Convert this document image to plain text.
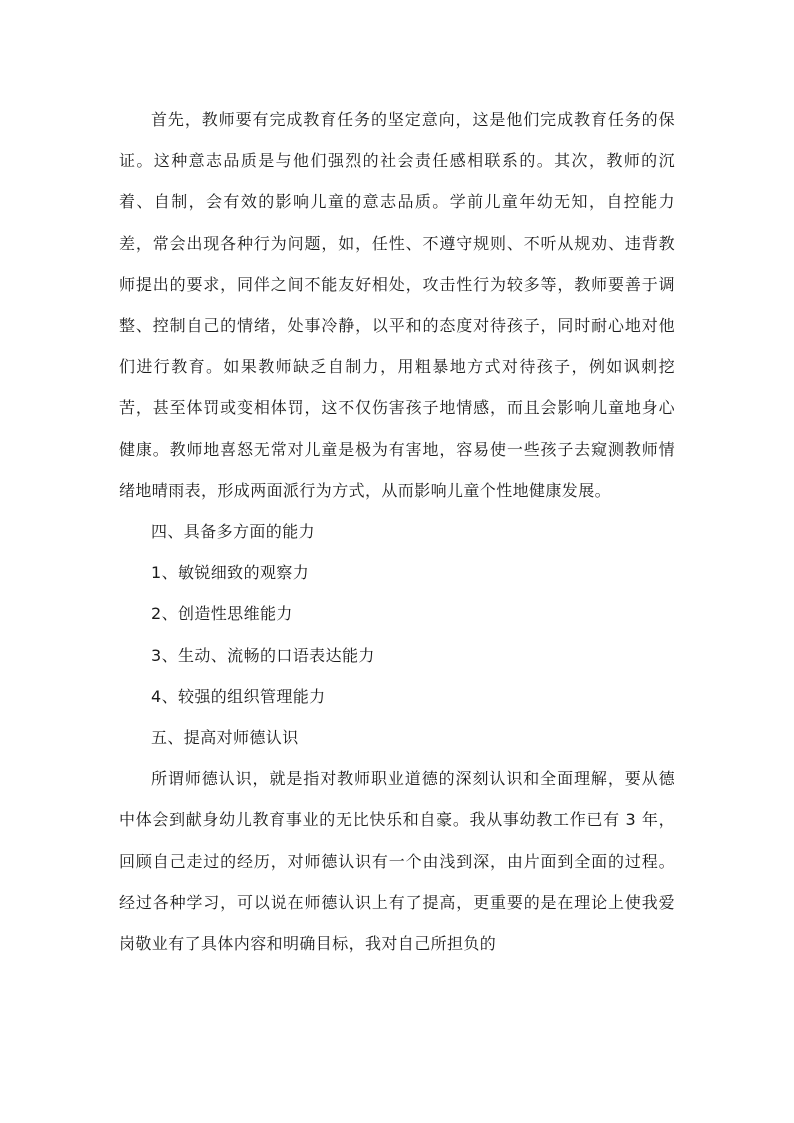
首先，教师要有完成教育任务的坚定意向，这是他们完成教育任务的保证。这种意志品质是与他们强烈的社会责任感相联系的。其次，教师的沉着、自制，会有效的影响儿童的意志品质。学前儿童年幼无知，自控能力差，常会出现各种行为问题，如，任性、不遵守规则、不听从规劝、违背教师提出的要求，同伴之间不能友好相处，攻击性行为较多等，教师要善于调整、控制自己的情绪，处事冷静，以平和的态度对待孩子，同时耐心地对他们进行教育。如果教师缺乏自制力，用粗暴地方式对待孩子，例如讽刺挖苦，甚至体罚或变相体罚，这不仅伤害孩子地情感，而且会影响儿童地身心健康。教师地喜怒无常对儿童是极为有害地，容易使一些孩子去窥测教师情绪地晴雨表，形成两面派行为方式，从而影响儿童个性地健康发展。

四、具备多方面的能力

1、敏锐细致的观察力

2、创造性思维能力

3、生动、流畅的口语表达能力

4、较强的组织管理能力

五、提高对师德认识

所谓师德认识，就是指对教师职业道德的深刻认识和全面理解，要从德中体会到献身幼儿教育事业的无比快乐和自豪。我从事幼教工作已有 3 年，回顾自己走过的经历，对师德认识有一个由浅到深，由片面到全面的过程。经过各种学习，可以说在师德认识上有了提高，更重要的是在理论上使我爱岗敬业有了具体内容和明确目标，我对自己所担负的
